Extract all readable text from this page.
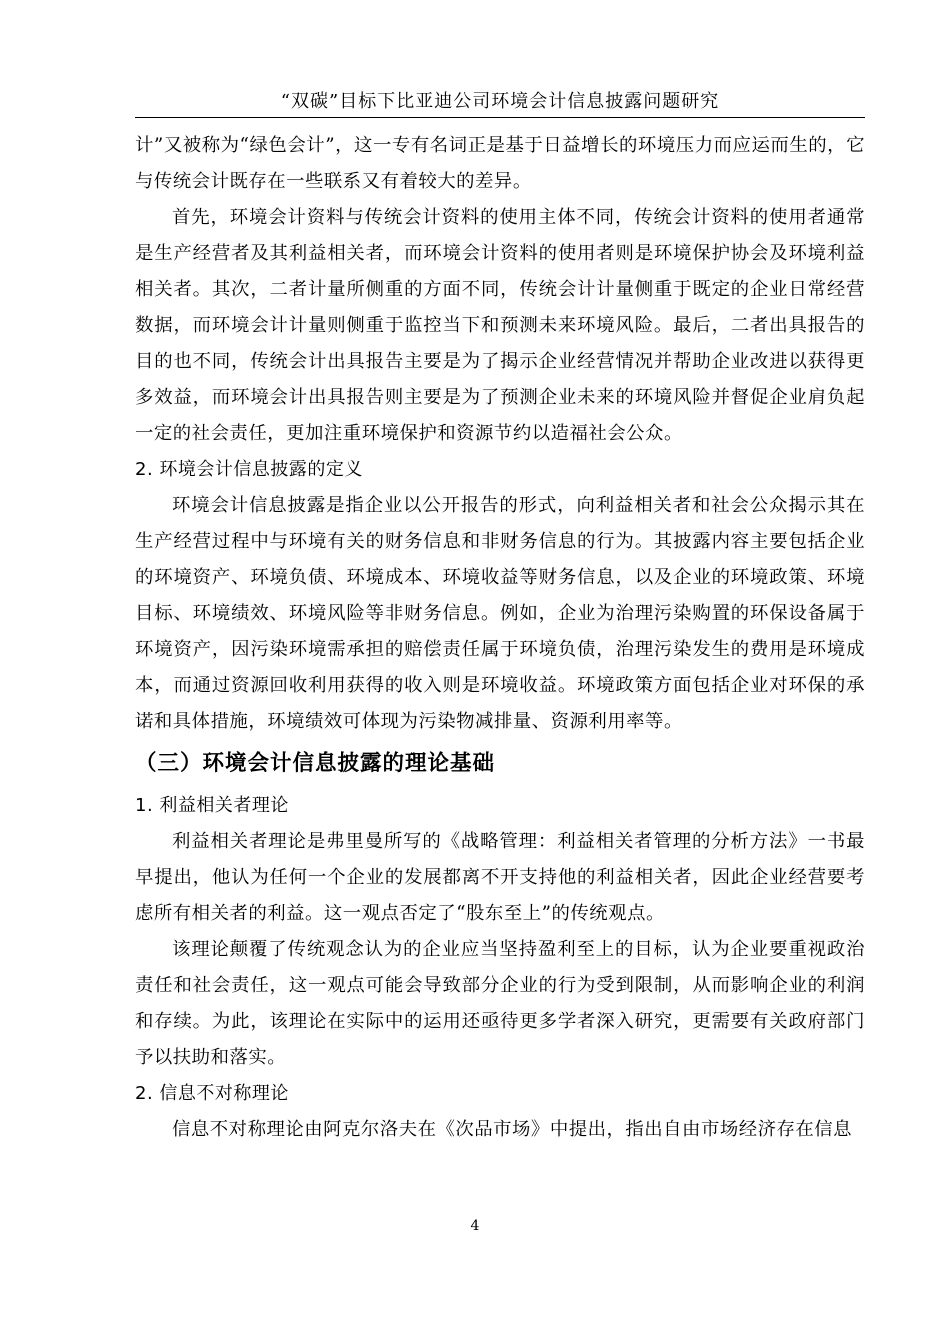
“双碳”目标下比亚迪公司环境会计信息披露问题研究

计”又被称为“绿色会计”，这一专有名词正是基于日益增长的环境压力而应运而生的，它与传统会计既存在一些联系又有着较大的差异。

首先，环境会计资料与传统会计资料的使用主体不同，传统会计资料的使用者通常是生产经营者及其利益相关者，而环境会计资料的使用者则是环境保护协会及环境利益相关者。其次，二者计量所侧重的方面不同，传统会计计量侧重于既定的企业日常经营数据，而环境会计计量则侧重于监控当下和预测未来环境风险。最后，二者出具报告的目的也不同，传统会计出具报告主要是为了揭示企业经营情况并帮助企业改进以获得更多效益，而环境会计出具报告则主要是为了预测企业未来的环境风险并督促企业肩负起一定的社会责任，更加注重环境保护和资源节约以造福社会公众。

2. 环境会计信息披露的定义

环境会计信息披露是指企业以公开报告的形式，向利益相关者和社会公众揭示其在生产经营过程中与环境有关的财务信息和非财务信息的行为。其披露内容主要包括企业的环境资产、环境负债、环境成本、环境收益等财务信息，以及企业的环境政策、环境目标、环境绩效、环境风险等非财务信息。例如，企业为治理污染购置的环保设备属于环境资产，因污染环境需承担的赔偿责任属于环境负债，治理污染发生的费用是环境成本，而通过资源回收利用获得的收入则是环境收益。环境政策方面包括企业对环保的承诺和具体措施，环境绩效可体现为污染物减排量、资源利用率等。

（三）环境会计信息披露的理论基础

1. 利益相关者理论

利益相关者理论是弗里曼所写的《战略管理：利益相关者管理的分析方法》一书最早提出，他认为任何一个企业的发展都离不开支持他的利益相关者，因此企业经营要考虑所有相关者的利益。这一观点否定了“股东至上”的传统观点。

该理论颠覆了传统观念认为的企业应当坚持盈利至上的目标，认为企业要重视政治责任和社会责任，这一观点可能会导致部分企业的行为受到限制，从而影响企业的利润和存续。为此，该理论在实际中的运用还亟待更多学者深入研究，更需要有关政府部门予以扶助和落实。

2. 信息不对称理论

信息不对称理论由阿克尔洛夫在《次品市场》中提出，指出自由市场经济存在信息

4
